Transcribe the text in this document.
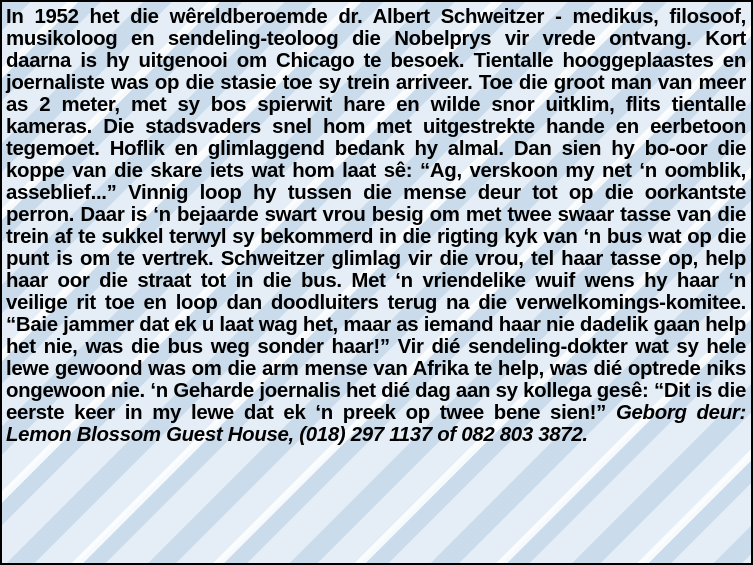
In 1952 het die wêreldberoemde dr. Albert Schweitzer - medikus, filosoof, musikoloog en sendeling-teoloog die Nobelprys vir vrede ontvang. Kort daarna is hy uitgenooi om Chicago te besoek. Tientalle hooggeplaastes en joernaliste was op die stasie toe sy trein arriveer. Toe die groot man van meer as 2 meter, met sy bos spierwit hare en wilde snor uitklim, flits tientalle kameras. Die stadsvaders snel hom met uitgestrekte hande en eerbetoon tegemoet. Hoflik en glimlaggend bedank hy almal. Dan sien hy bo-oor die koppe van die skare iets wat hom laat sê: “Ag, verskoon my net ‘n oomblik, asseblief...” Vinnig loop hy tussen die mense deur tot op die oorkantste perron. Daar is ‘n bejaarde swart vrou besig om met twee swaar tasse van die trein af te sukkel terwyl sy bekommerd in die rigting kyk van ‘n bus wat op die punt is om te vertrek. Schweitzer glimlag vir die vrou, tel haar tasse op, help haar oor die straat tot in die bus. Met ‘n vriendelike wuif wens hy haar ‘n veilige rit toe en loop dan doodluiters terug na die verwelkomings-komitee. “Baie jammer dat ek u laat wag het, maar as iemand haar nie dadelik gaan help het nie, was die bus weg sonder haar!” Vir dié sendeling-dokter wat sy hele lewe gewoond was om die arm mense van Afrika te help, was dié optrede niks ongewoon nie. ‘n Geharde joernalis het dié dag aan sy kollega gesê: “Dit is die eerste keer in my lewe dat ek ‘n preek op twee bene sien!” Geborg deur: Lemon Blossom Guest House, (018) 297 1137 of 082 803 3872.
